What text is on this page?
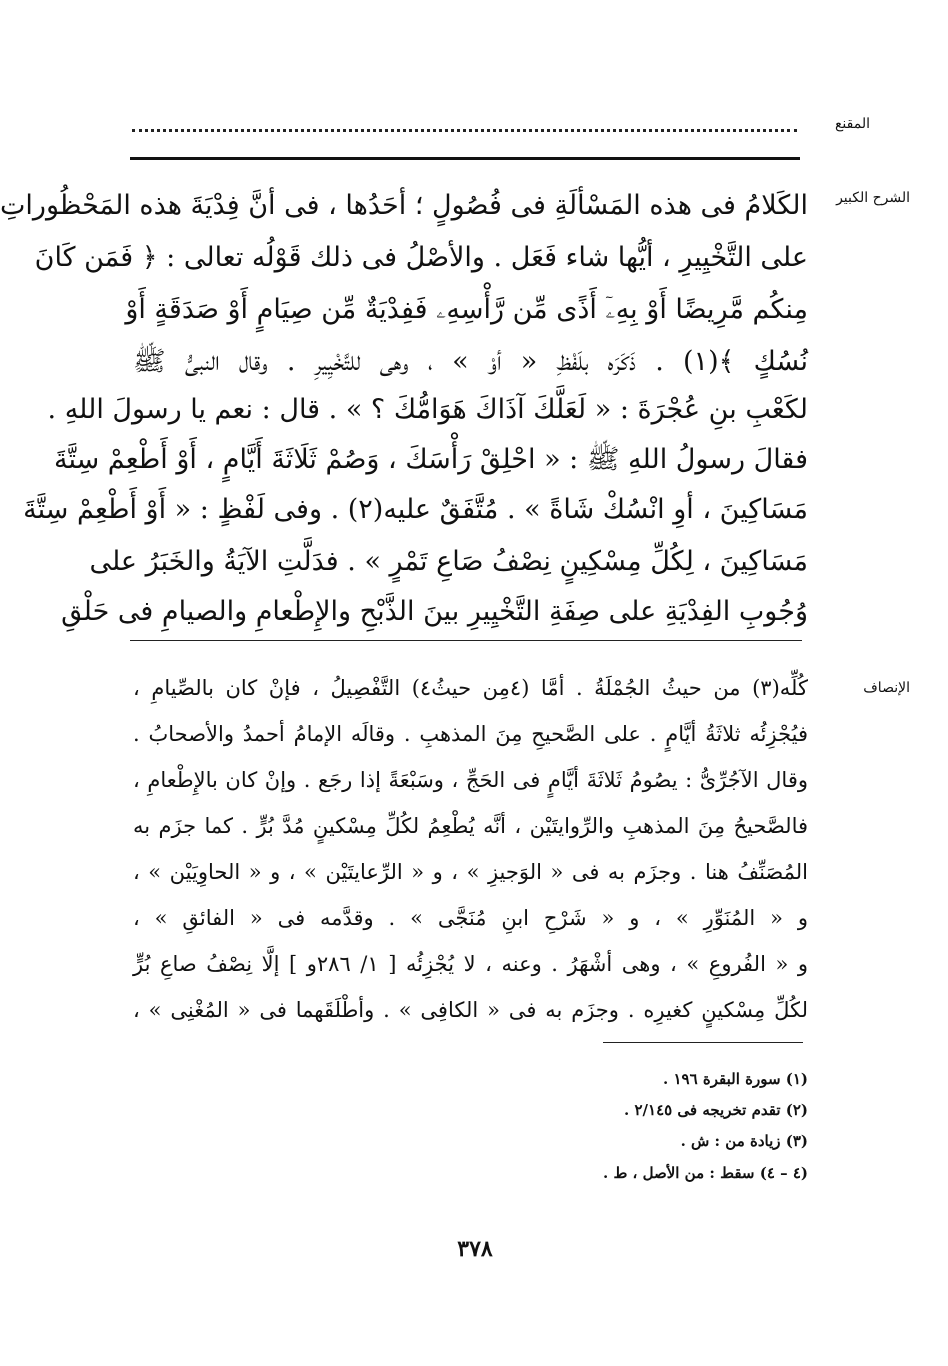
المقنع
الشرح الكبير
الكَلامُ فى هذه المَسْألَةِ فى فُصُولٍ ؛ أحَدُها ، فى أنَّ فِدْيَةَ هذه المَحْظُوراتِ
على التَّخْيِيرِ ، أيُّها شاء فَعَل . والأصْلُ فى ذلك قَوْلُه تعالى : ﴿ فَمَن كَانَ
مِنكُم مَّرِيضًا أَوْ بِهِۦٓ أَذًى مِّن رَّأْسِهِۦ فَفِدْيَةٌ مِّن صِيَامٍ أَوْ صَدَقَةٍ أَوْ
نُسُكٍ ﴾(١) . ذَكَرَه بلَفْظِ « أوْ » ، وهى للتَّخْيِيرِ . وقال النبىُّ ﷺ
لكَعْبِ بنِ عُجْرَةَ : « لَعَلَّكَ آذَاكَ هَوَامُّكَ ؟ » . قال : نعم يا رسولَ اللهِ .
فقالَ رسولُ اللهِ ﷺ : « احْلِقْ رَأْسَكَ ، وَصُمْ ثَلَاثَةَ أَيَّامٍ ، أَوْ أَطْعِمْ سِتَّةَ
مَسَاكِينَ ، أوِ انْسُكْ شَاةً » . مُتَّفَقٌ عليه(٢) . وفى لَفْظٍ : « أَوْ أَطْعِمْ سِتَّةَ
مَسَاكِينَ ، لِكُلِّ مِسْكِينٍ نِصْفُ صَاعِ تَمْرٍ » . فدَلَّتِ الآيَةُ والخَبَرُ على
وُجُوبِ الفِدْيَةِ على صِفَةِ التَّخْيِيرِ بينَ الذَّبْحِ والإِطْعامِ والصيامِ فى حَلْقِ
الإنصاف
كُلِّه(٣) من حيثُ الجُمْلَةُ . أمَّا (٤مِن حيثُ٤) التَّفْصِيلُ ، فإنْ كان بالصِّيامِ ،
فيُجْزِئُه ثلاثَةُ أيَّامٍ . على الصَّحيحِ مِنَ المذهبِ . وقالَه الإمامُ أحمدُ والأصحابُ .
وقال الآجُرِّىُّ : يصُومُ ثَلاثَةَ أيَّامٍ فى الحَجِّ ، وسَبْعَةً إذا رجَع . وإنْ كان بالإِطْعامِ ،
فالصَّحيحُ مِنَ المذهبِ والرِّوايتَيْن ، أنَّه يُطْعِمُ لكُلِّ مِسْكينٍ مُدَّ بُرٍّ . كما جزَم به
المُصَنِّفُ هنا . وجزَم به فى « الوَجيزِ » ، و « الرِّعايتَيْن » ، و « الحاوِيَيْن » ،
و « المُنَوِّرِ » ، و « شَرْحِ ابنِ مُنَجَّى » . وقدَّمه فى « الفائقِ » ،
و « الفُروعِ » ، وهى أشْهَرُ . وعنه ، لا يُجْزِئُه [ ١/ ٢٨٦و ] إلَّا نِصْفُ صاعِ بُرٍّ
لكُلِّ مِسْكينٍ كغيرِه . وجزَم به فى « الكافِى » . وأطْلَقَهما فى « المُغْنِى » ،
(١) سورة البقرة ١٩٦ .
(٢) تقدم تخريجه فى ٢/١٤٥ .
(٣) زيادة من : ش .
(٤ – ٤) سقط : من الأصل ، ط .
٣٧٨
